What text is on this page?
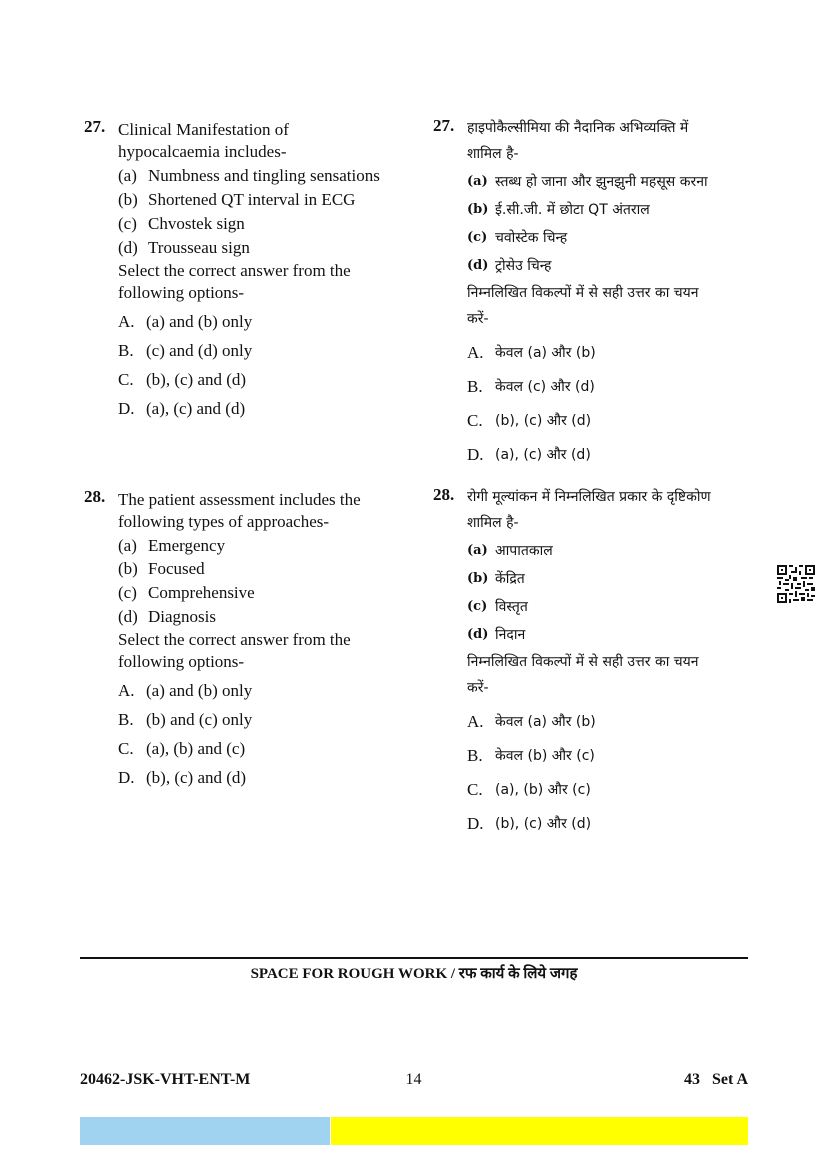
27. Clinical Manifestation of
hypocalcaemia includes-
(a) Numbness and tingling sensations
(b) Shortened QT interval in ECG
(c) Chvostek sign
(d) Trousseau sign
Select the correct answer from the
following options-
A. (a) and (b) only
B. (c) and (d) only
C. (b), (c) and (d)
D. (a), (c) and (d)
27. हाइपोकैल्सीमिया की नैदानिक अभिव्यक्ति में
शामिल है-
(a) स्तब्ध हो जाना और झुनझुनी महसूस करना
(b) ई.सी.जी. में छोटा QT अंतराल
(c) चवोस्टेक चिन्ह
(d) ट्रोसेउ चिन्ह
निम्नलिखित विकल्पों में से सही उत्तर का चयन
करें-
A. केवल (a) और (b)
B. केवल (c) और (d)
C. (b), (c) और (d)
D. (a), (c) और (d)
28. The patient assessment includes the
following types of approaches-
(a) Emergency
(b) Focused
(c) Comprehensive
(d) Diagnosis
Select the correct answer from the
following options-
A. (a) and (b) only
B. (b) and (c) only
C. (a), (b) and (c)
D. (b), (c) and (d)
28. रोगी मूल्यांकन में निम्नलिखित प्रकार के दृष्टिकोण
शामिल है-
(a) आपातकाल
(b) केंद्रित
(c) विस्तृत
(d) निदान
निम्नलिखित विकल्पों में से सही उत्तर का चयन
करें-
A. केवल (a) और (b)
B. केवल (b) और (c)
C. (a), (b) और (c)
D. (b), (c) और (d)
SPACE FOR ROUGH WORK / रफ कार्य के लिये जगह
20462-JSK-VHT-ENT-M	14	43   Set A
